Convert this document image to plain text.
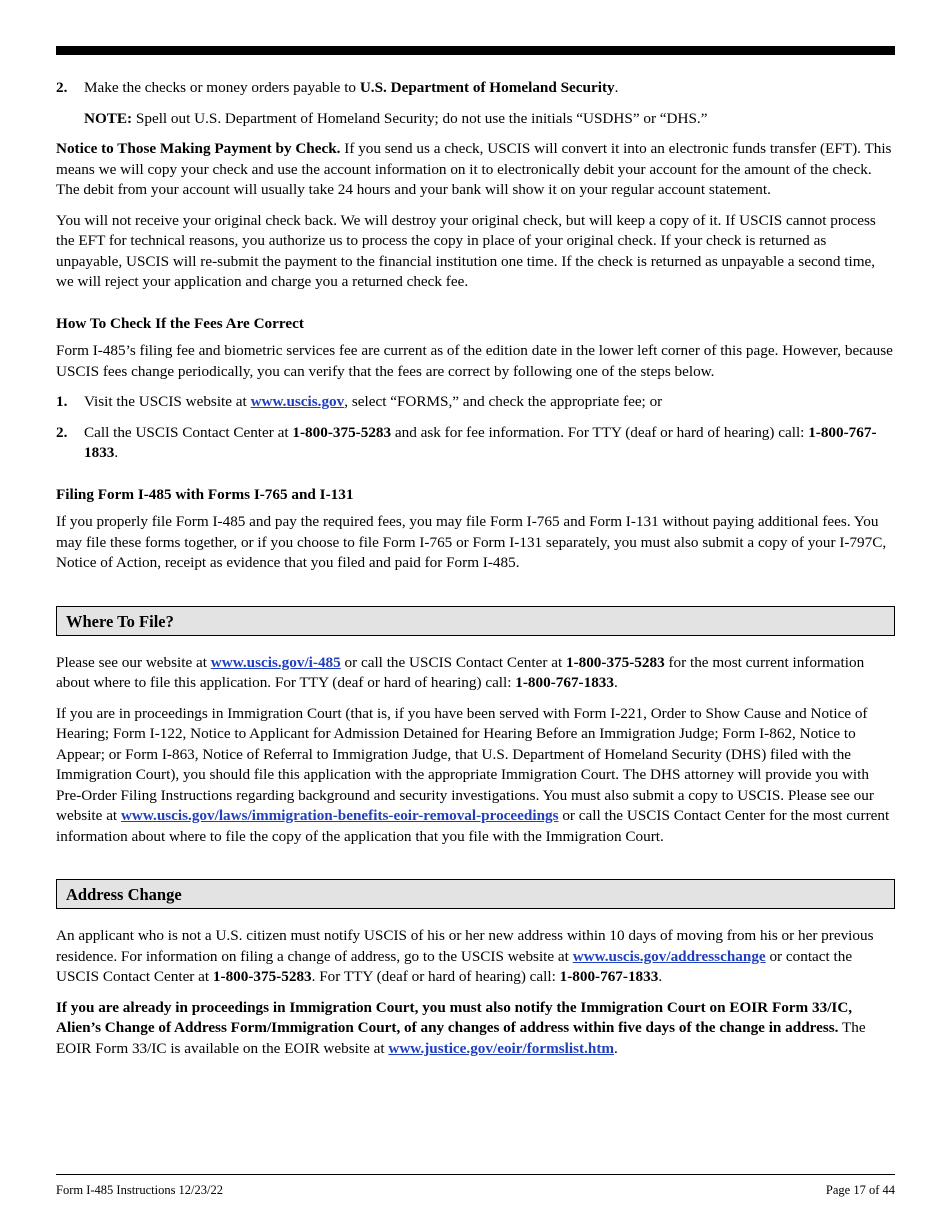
2. Make the checks or money orders payable to U.S. Department of Homeland Security.
NOTE: Spell out U.S. Department of Homeland Security; do not use the initials “USDHS” or “DHS.”

Notice to Those Making Payment by Check. If you send us a check, USCIS will convert it into an electronic funds transfer (EFT). This means we will copy your check and use the account information on it to electronically debit your account for the amount of the check. The debit from your account will usually take 24 hours and your bank will show it on your regular account statement.

You will not receive your original check back. We will destroy your original check, but will keep a copy of it. If USCIS cannot process the EFT for technical reasons, you authorize us to process the copy in place of your original check. If your check is returned as unpayable, USCIS will re-submit the payment to the financial institution one time. If the check is returned as unpayable a second time, we will reject your application and charge you a returned check fee.

How To Check If the Fees Are Correct

Form I-485’s filing fee and biometric services fee are current as of the edition date in the lower left corner of this page. However, because USCIS fees change periodically, you can verify that the fees are correct by following one of the steps below.

1. Visit the USCIS website at www.uscis.gov, select “FORMS,” and check the appropriate fee; or
2. Call the USCIS Contact Center at 1-800-375-5283 and ask for fee information. For TTY (deaf or hard of hearing) call: 1-800-767-1833.
Filing Form I-485 with Forms I-765 and I-131

If you properly file Form I-485 and pay the required fees, you may file Form I-765 and Form I-131 without paying additional fees. You may file these forms together, or if you choose to file Form I-765 or Form I-131 separately, you must also submit a copy of your I-797C, Notice of Action, receipt as evidence that you filed and paid for Form I-485.

Where To File?

Please see our website at www.uscis.gov/i-485 or call the USCIS Contact Center at 1-800-375-5283 for the most current information about where to file this application. For TTY (deaf or hard of hearing) call: 1-800-767-1833.

If you are in proceedings in Immigration Court (that is, if you have been served with Form I-221, Order to Show Cause and Notice of Hearing; Form I-122, Notice to Applicant for Admission Detained for Hearing Before an Immigration Judge; Form I-862, Notice to Appear; or Form I-863, Notice of Referral to Immigration Judge, that U.S. Department of Homeland Security (DHS) filed with the Immigration Court), you should file this application with the appropriate Immigration Court. The DHS attorney will provide you with Pre-Order Filing Instructions regarding background and security investigations. You must also submit a copy to USCIS. Please see our website at www.uscis.gov/laws/immigration-benefits-eoir-removal-proceedings or call the USCIS Contact Center for the most current information about where to file the copy of the application that you file with the Immigration Court.

Address Change

An applicant who is not a U.S. citizen must notify USCIS of his or her new address within 10 days of moving from his or her previous residence. For information on filing a change of address, go to the USCIS website at www.uscis.gov/addresschange or contact the USCIS Contact Center at 1-800-375-5283. For TTY (deaf or hard of hearing) call: 1-800-767-1833.

If you are already in proceedings in Immigration Court, you must also notify the Immigration Court on EOIR Form 33/IC, Alien’s Change of Address Form/Immigration Court, of any changes of address within five days of the change in address. The EOIR Form 33/IC is available on the EOIR website at www.justice.gov/eoir/formslist.htm.

Form I-485 Instructions 12/23/22	Page 17 of 44
